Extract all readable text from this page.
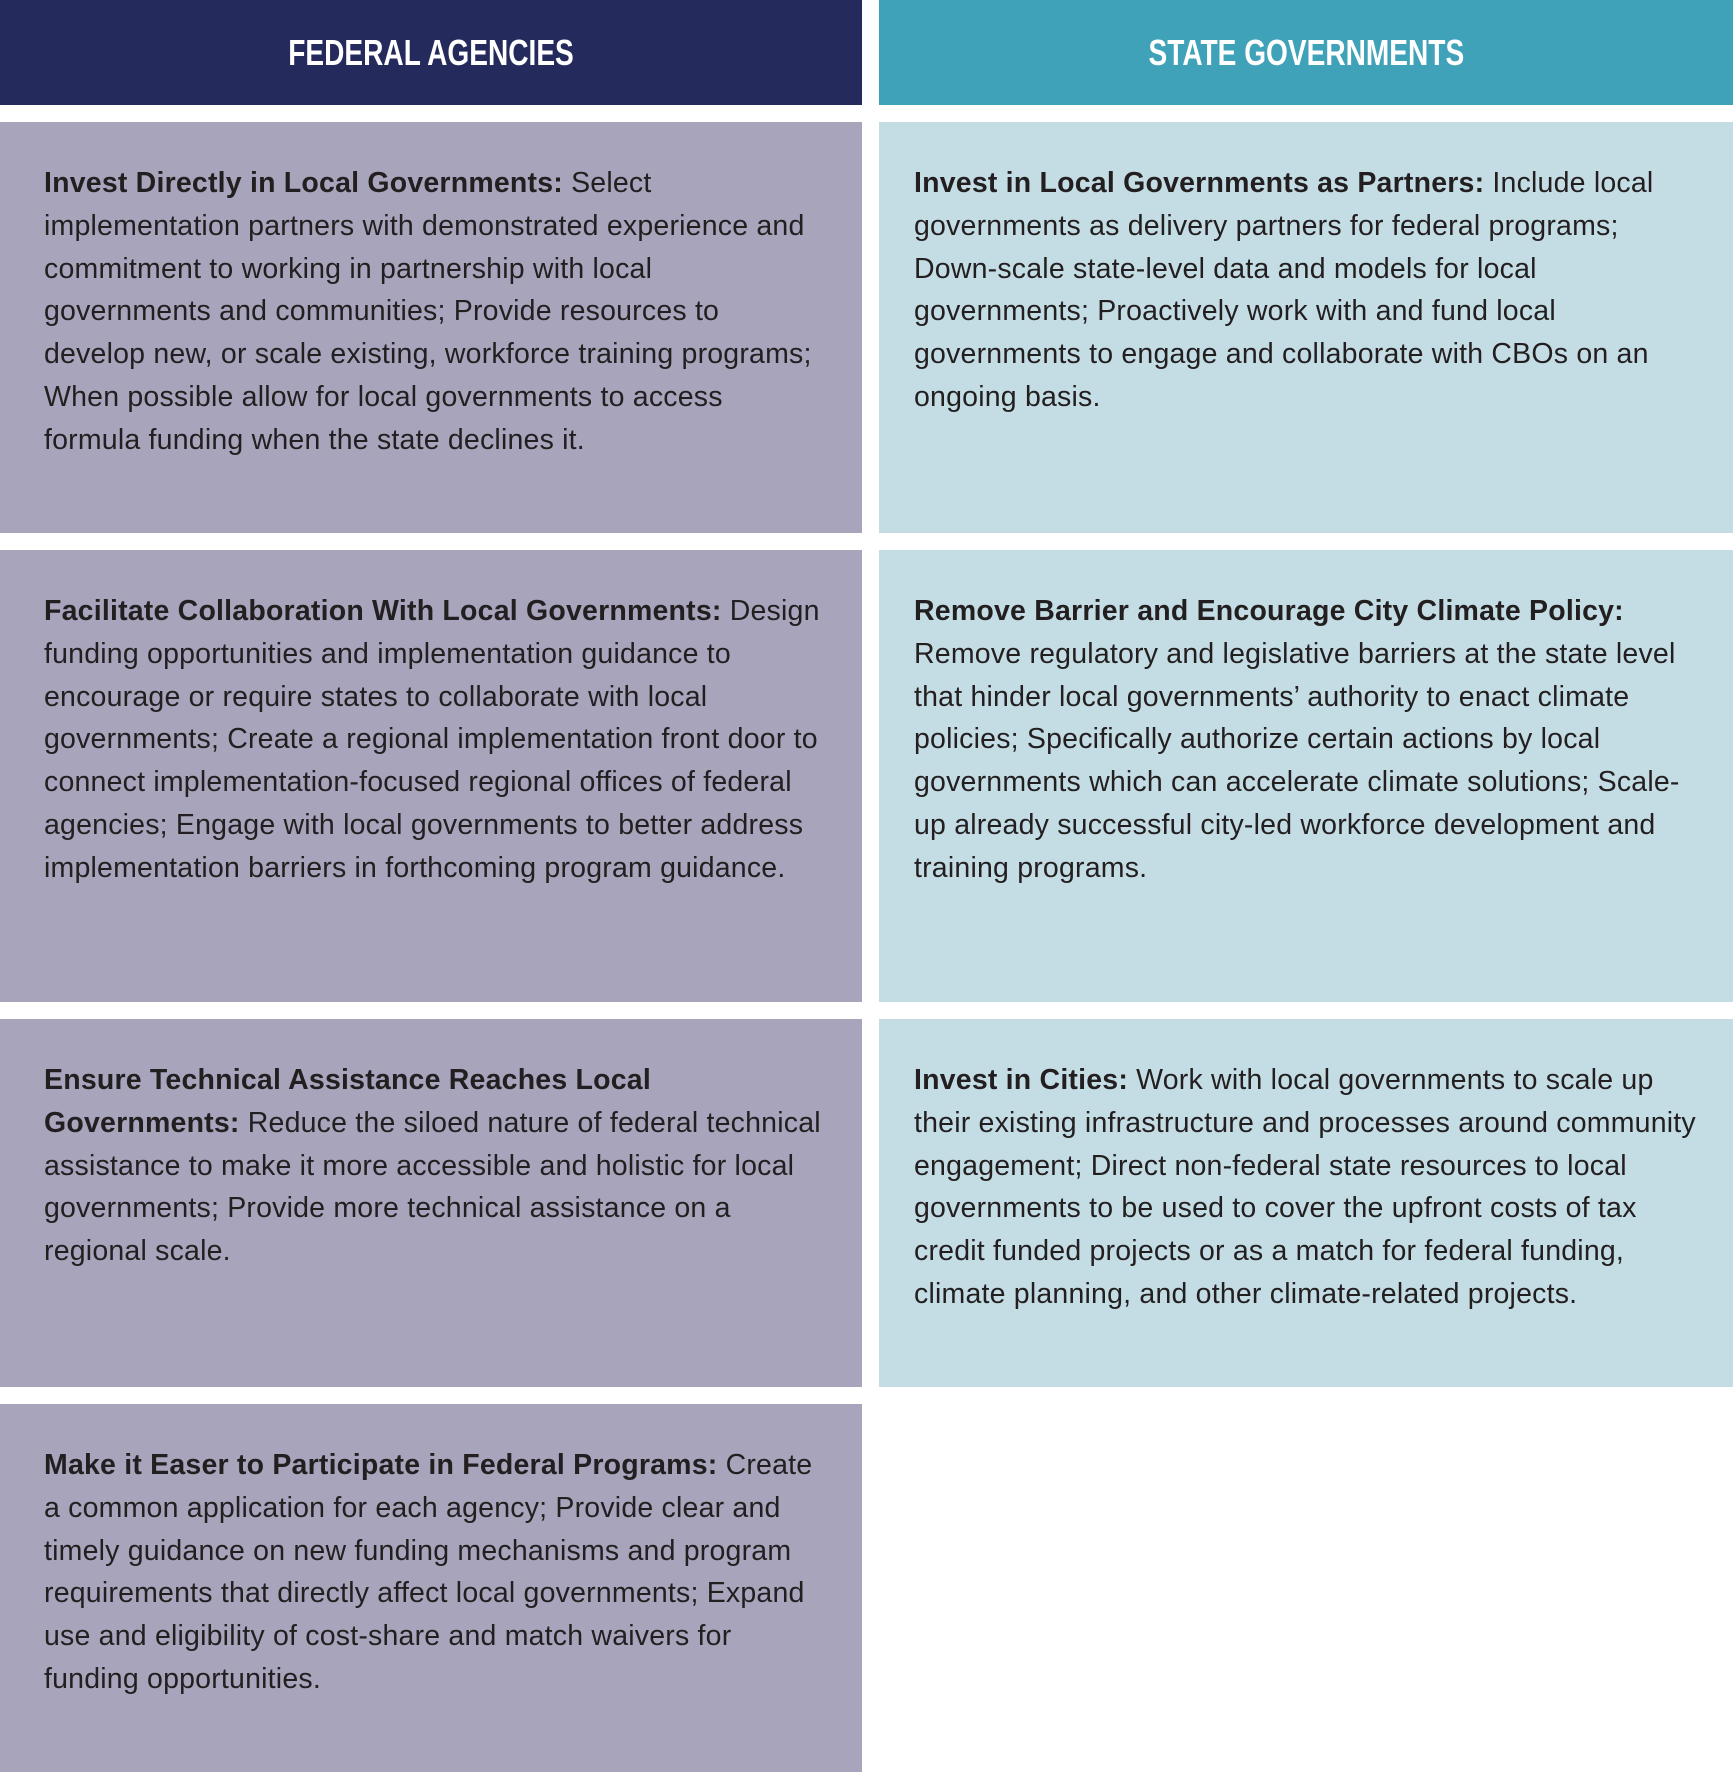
FEDERAL AGENCIES	STATE GOVERNMENTS
Invest Directly in Local Governments: Select implementation partners with demonstrated experience and commitment to working in partnership with local governments and communities; Provide resources to develop new, or scale existing, workforce training programs; When possible allow for local governments to access formula funding when the state declines it.
Facilitate Collaboration With Local Governments: Design funding opportunities and implementation guidance to encourage or require states to collaborate with local governments; Create a regional implementation front door to connect implementation-focused regional offices of federal agencies; Engage with local governments to better address implementation barriers in forthcoming program guidance.
Ensure Technical Assistance Reaches Local Governments: Reduce the siloed nature of federal technical assistance to make it more accessible and holistic for local governments; Provide more technical assistance on a regional scale.
Make it Easer to Participate in Federal Programs: Create a common application for each agency; Provide clear and timely guidance on new funding mechanisms and program requirements that directly affect local governments; Expand use and eligibility of cost-share and match waivers for funding opportunities.
Invest in Local Governments as Partners: Include local governments as delivery partners for federal programs; Down-scale state-level data and models for local governments; Proactively work with and fund local governments to engage and collaborate with CBOs on an ongoing basis.
Remove Barrier and Encourage City Climate Policy: Remove regulatory and legislative barriers at the state level that hinder local governments’ authority to enact climate policies; Specifically authorize certain actions by local governments which can accelerate climate solutions; Scale-up already successful city-led workforce development and training programs.
Invest in Cities: Work with local governments to scale up their existing infrastructure and processes around community engagement; Direct non-federal state resources to local governments to be used to cover the upfront costs of tax credit funded projects or as a match for federal funding, climate planning, and other climate-related projects.
